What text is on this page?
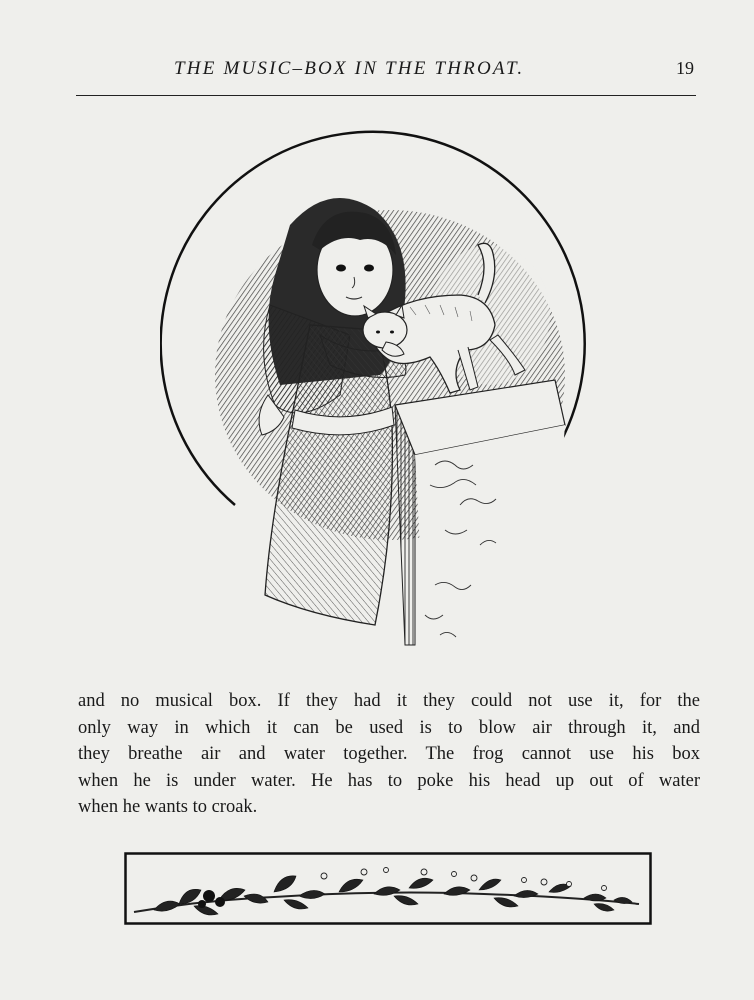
THE MUSIC–BOX IN THE THROAT.	19

and no musical box. If they had it they could not use it, for the
only way in which it can be used is to blow air through it, and
they breathe air and water together. The frog cannot use his box
when he is under water. He has to poke his head up out of water
when he wants to croak.
